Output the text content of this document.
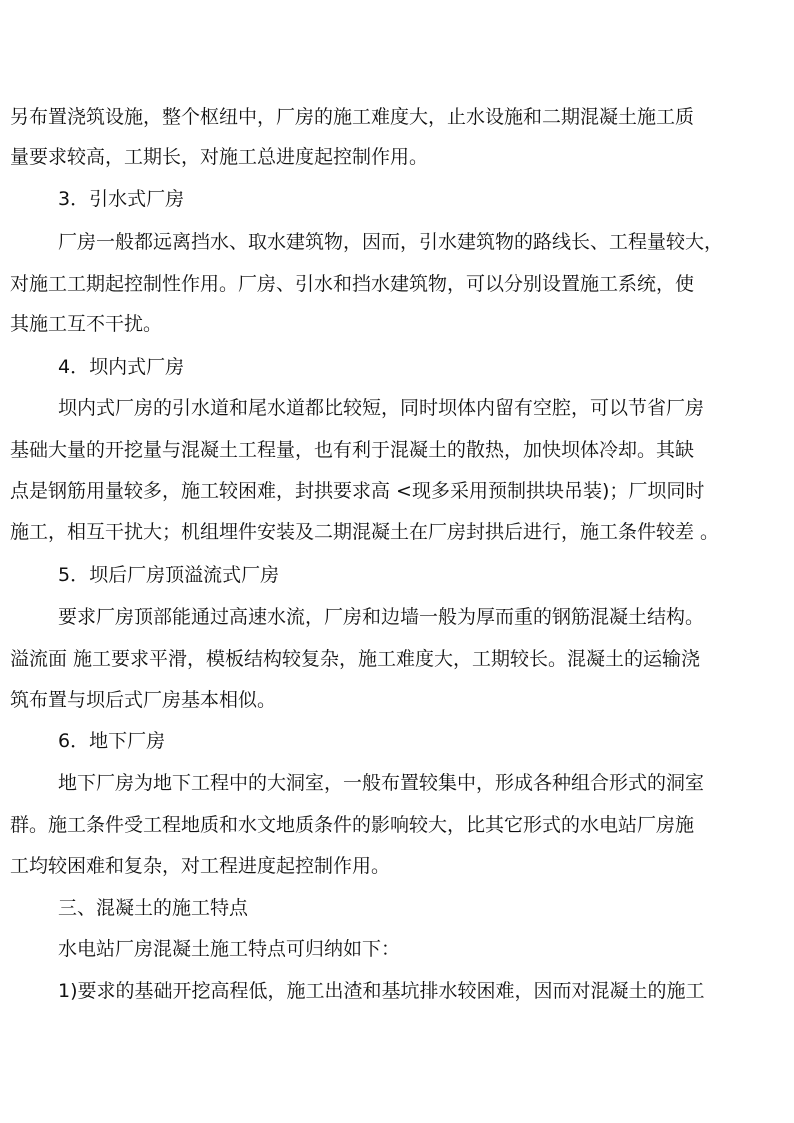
另布置浇筑设施，整个枢纽中，厂房的施工难度大，止水设施和二期混凝土施工质
量要求较高，工期长，对施工总进度起控制作用。
3．引水式厂房
厂房一般都远离挡水、取水建筑物，因而，引水建筑物的路线长、工程量较大，
对施工工期起控制性作用。厂房、引水和挡水建筑物，可以分别设置施工系统，使
其施工互不干扰。
4．坝内式厂房
坝内式厂房的引水道和尾水道都比较短，同时坝体内留有空腔，可以节省厂房
基础大量的开挖量与混凝土工程量，也有利于混凝土的散热，加快坝体冷却。其缺
点是钢筋用量较多，施工较困难，封拱要求高 <现多采用预制拱块吊装)；厂坝同时
施工，相互干扰大；机组埋件安装及二期混凝土在厂房封拱后进行，施工条件较差 。
5．坝后厂房顶溢流式厂房
要求厂房顶部能通过高速水流，厂房和边墙一般为厚而重的钢筋混凝土结构。
溢流面 施工要求平滑，模板结构较复杂，施工难度大，工期较长。混凝土的运输浇
筑布置与坝后式厂房基本相似。
6．地下厂房
地下厂房为地下工程中的大洞室，一般布置较集中，形成各种组合形式的洞室
群。施工条件受工程地质和水文地质条件的影响较大，比其它形式的水电站厂房施
工均较困难和复杂，对工程进度起控制作用。
三、混凝土的施工特点
水电站厂房混凝土施工特点可归纳如下：
1)要求的基础开挖高程低，施工出渣和基坑排水较困难，因而对混凝土的施工
